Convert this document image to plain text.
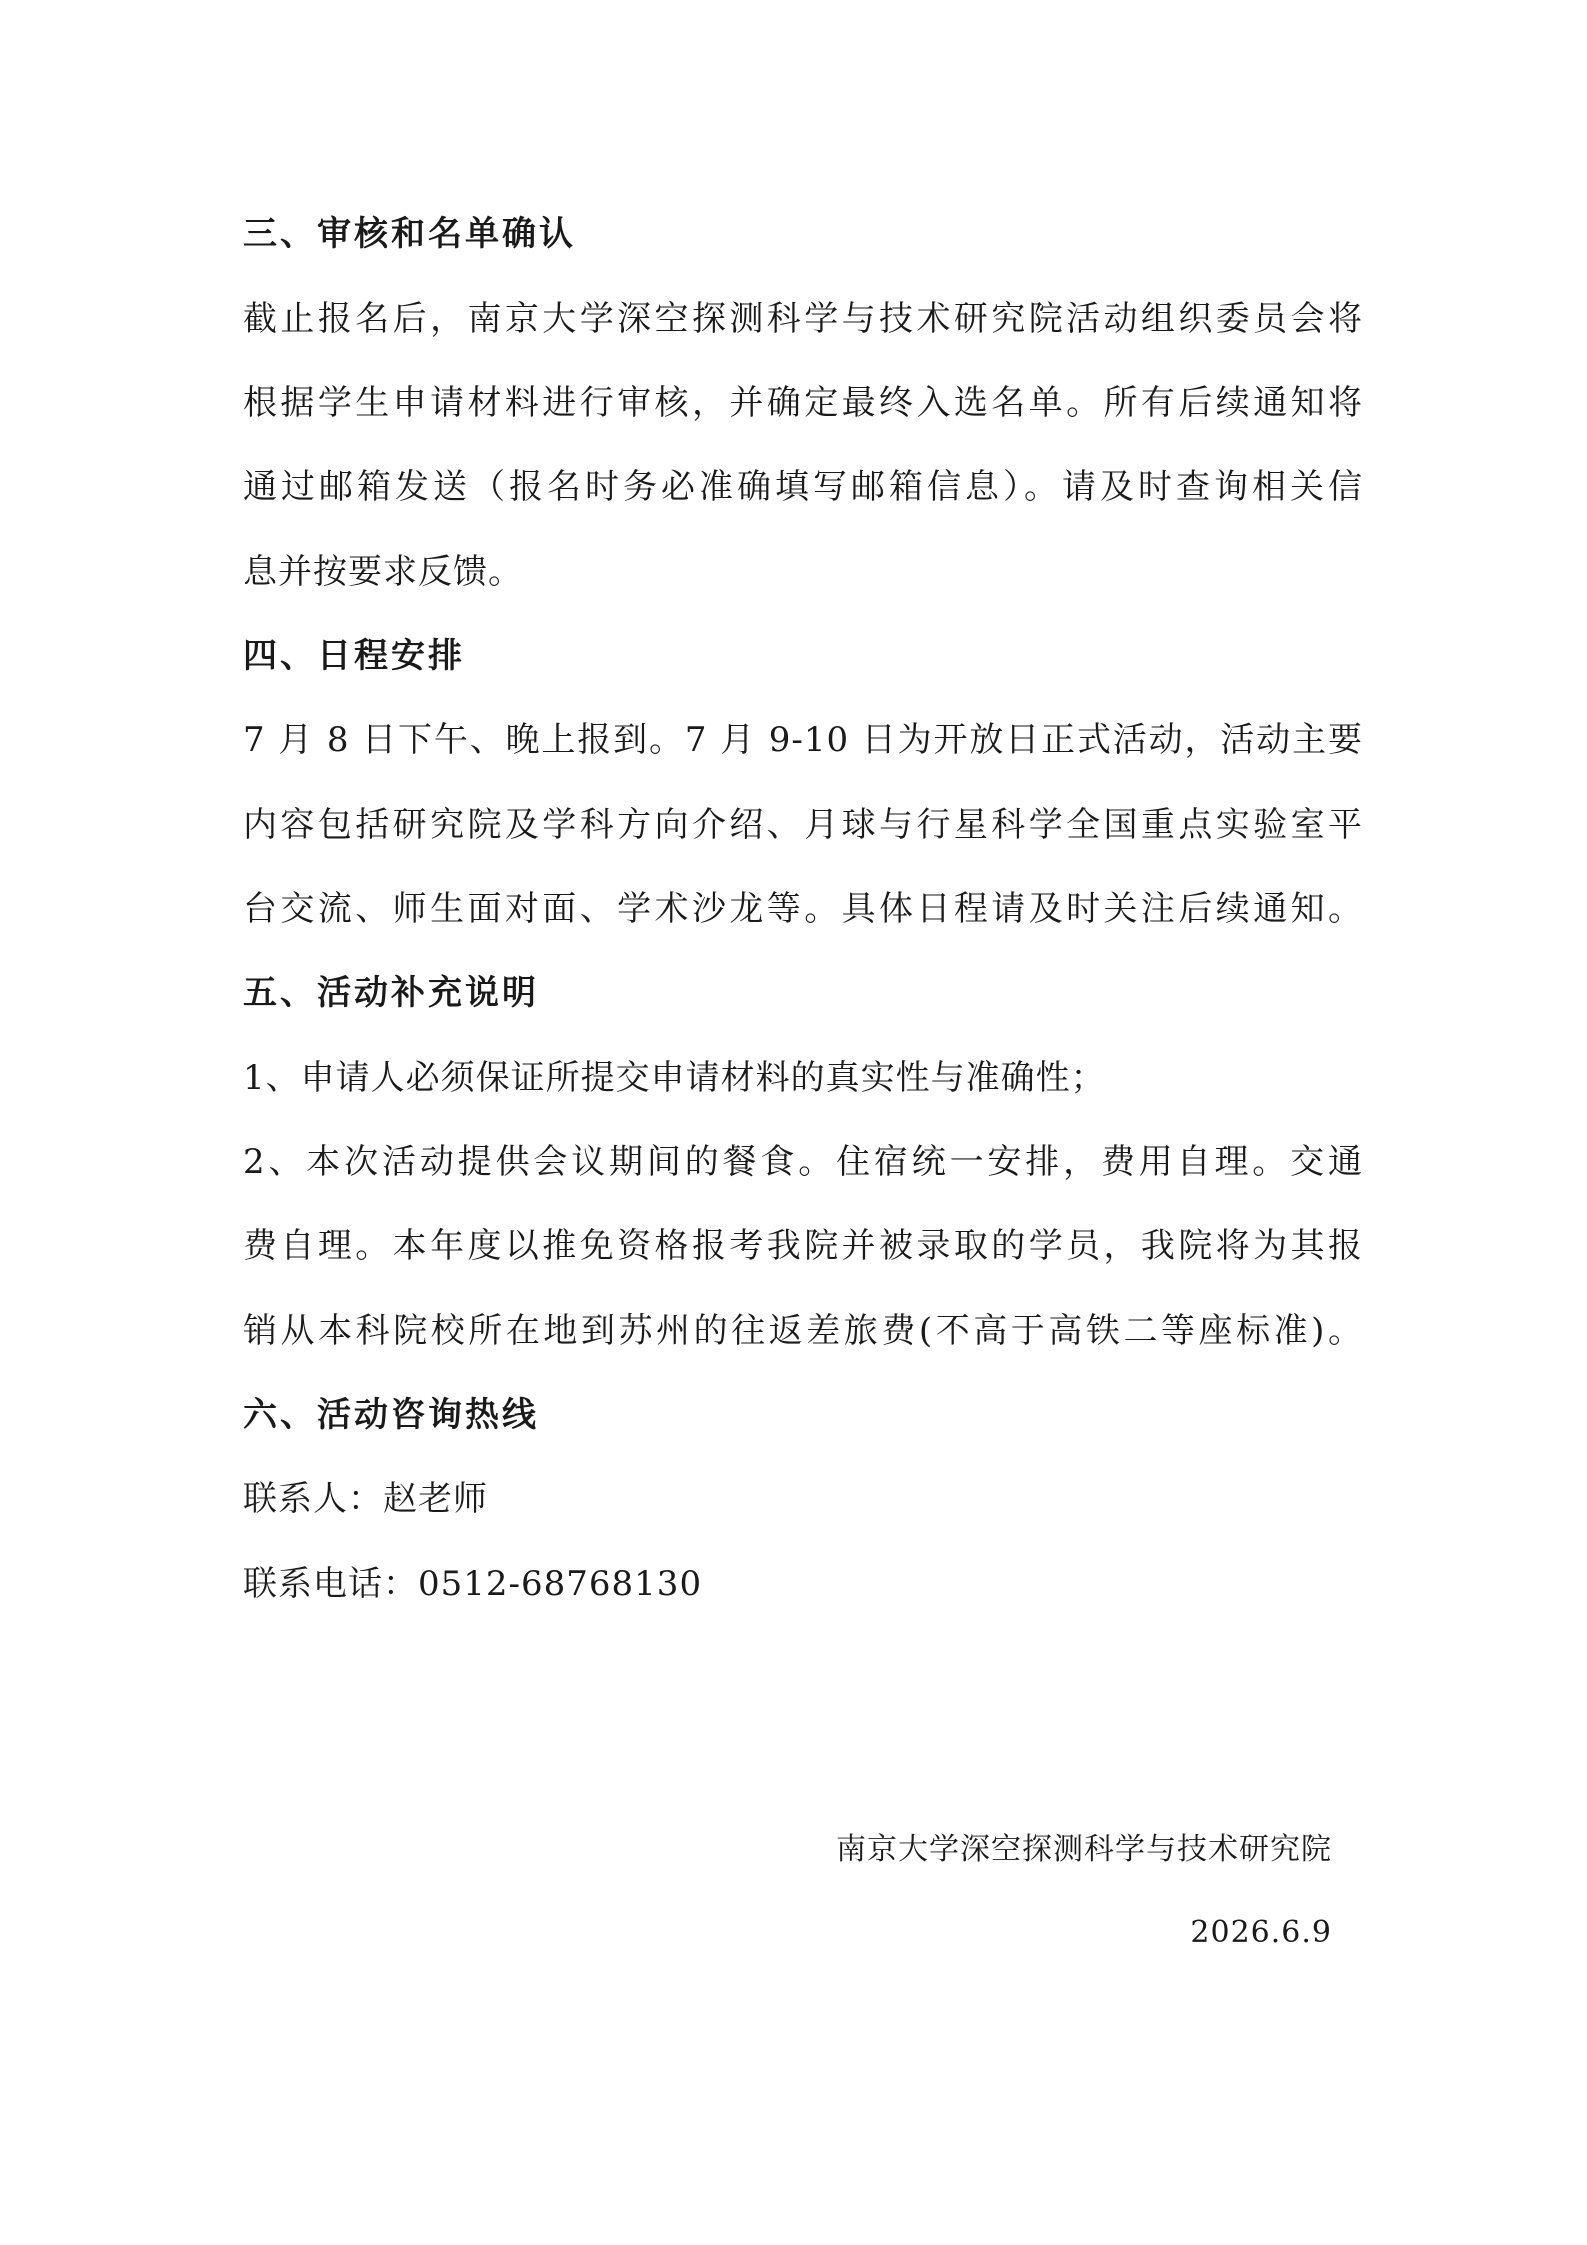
三、审核和名单确认
截止报名后，南京大学深空探测科学与技术研究院活动组织委员会将
根据学生申请材料进行审核，并确定最终入选名单。所有后续通知将
通过邮箱发送（报名时务必准确填写邮箱信息）。请及时查询相关信
息并按要求反馈。
四、日程安排
7 月 8 日下午、晚上报到。7 月 9-10 日为开放日正式活动，活动主要
内容包括研究院及学科方向介绍、月球与行星科学全国重点实验室平
台交流、师生面对面、学术沙龙等。具体日程请及时关注后续通知。
五、活动补充说明
1、申请人必须保证所提交申请材料的真实性与准确性；
2、本次活动提供会议期间的餐食。住宿统一安排，费用自理。交通
费自理。本年度以推免资格报考我院并被录取的学员，我院将为其报
销从本科院校所在地到苏州的往返差旅费(不高于高铁二等座标准)。
六、活动咨询热线
联系人：赵老师
联系电话：0512-68768130
南京大学深空探测科学与技术研究院
2026.6.9
